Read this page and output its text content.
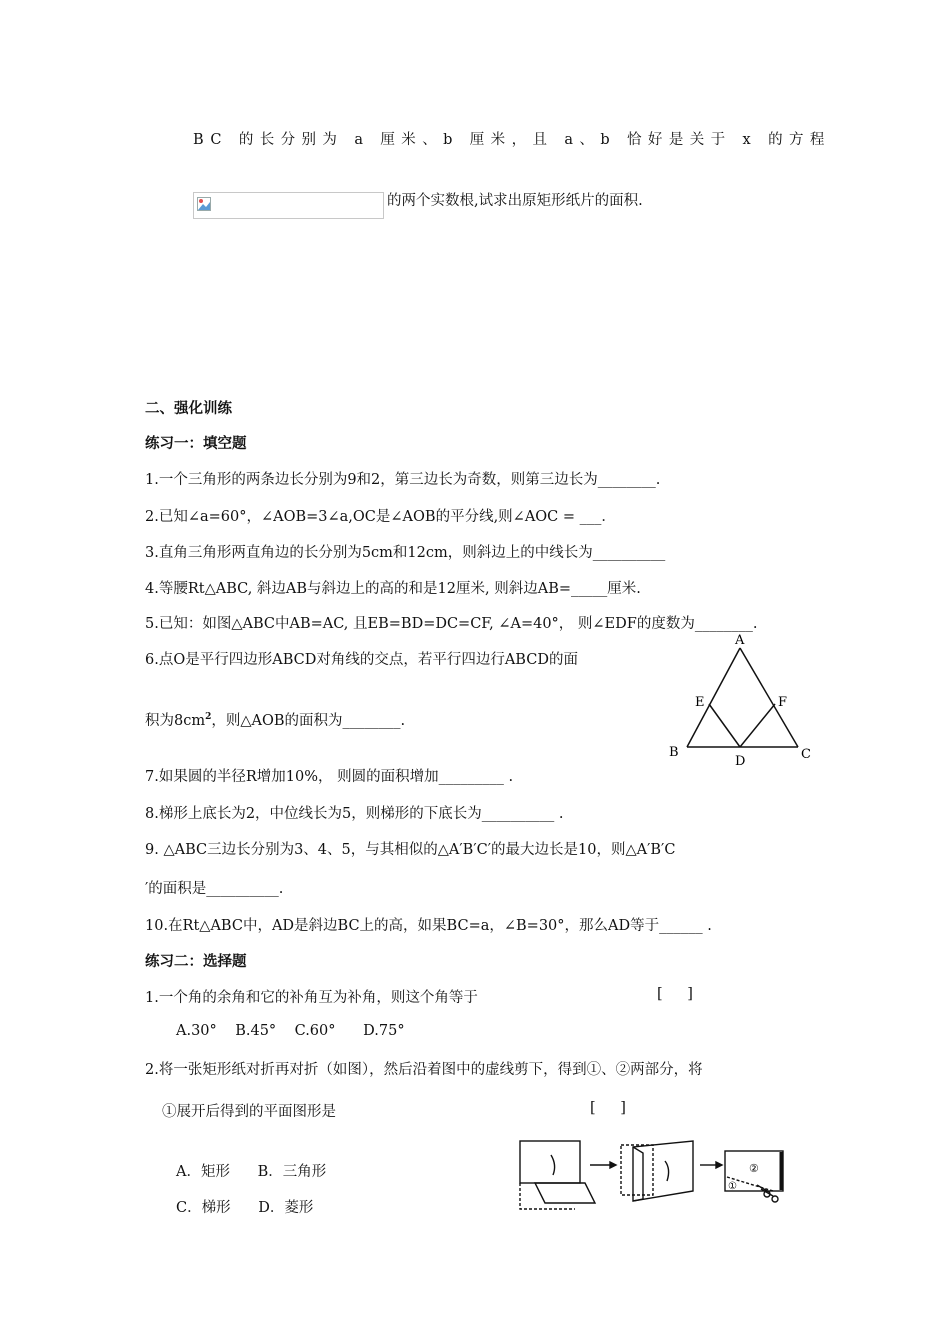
BC 的长分别为 a 厘米、b 厘米，且 a、b 恰好是关于 x 的方程
的两个实数根,试求出原矩形纸片的面积.
二、强化训练
练习一：填空题
1.一个三角形的两条边长分别为9和2，第三边长为奇数，则第三边长为________.
2.已知∠a=60°，∠AOB=3∠a,OC是∠AOB的平分线,则∠AOC = ___．
3.直角三角形两直角边的长分别为5cm和12cm，则斜边上的中线长为__________
4.等腰Rt△ABC, 斜边AB与斜边上的高的和是12厘米, 则斜边AB=_____厘米.
5.已知：如图△ABC中AB=AC, 且EB=BD=DC=CF, ∠A=40°， 则∠EDF的度数为________.
6.点O是平行四边形ABCD对角线的交点，若平行四边行ABCD的面
积为$8cm^2$，则△AOB的面积为________.
A
E	F
B
D	C
7.如果圆的半径R增加10%， 则圆的面积增加_________ .
8.梯形上底长为2，中位线长为5，则梯形的下底长为__________ .
9. △ABC三边长分别为3、4、5，与其相似的△A′B′C′的最大边长是10，则△A′B′C
′的面积是__________.
10.在Rt△ABC中，AD是斜边BC上的高，如果BC=a，∠B=30°，那么AD等于______ .
练习二：选择题
1.一个角的余角和它的补角互为补角，则这个角等于	[ ]
A.30°    B.45°    C.60°      D.75°
2.将一张矩形纸对折再对折（如图），然后沿着图中的虚线剪下，得到①、②两部分，将
①展开后得到的平面图形是	[ ]
A．矩形      B．三角形
C．梯形      D．菱形
②
①
